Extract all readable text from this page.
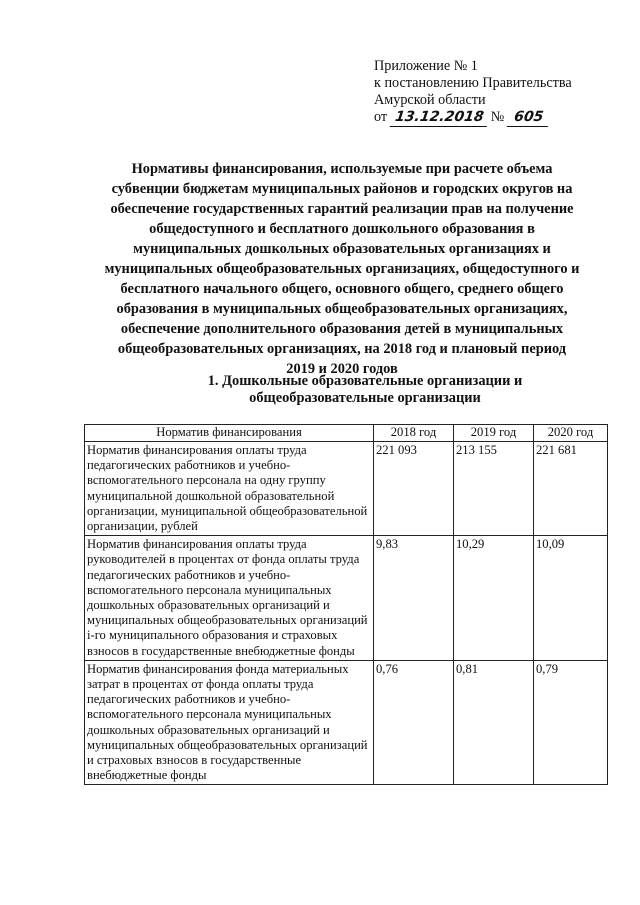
Приложение № 1
к постановлению Правительства
Амурской области
от 13.12.2018 № 605
Нормативы финансирования, используемые при расчете объема
субвенции бюджетам муниципальных районов и городских округов на
обеспечение государственных гарантий реализации прав на получение
общедоступного и бесплатного дошкольного образования в
муниципальных дошкольных образовательных организациях и
муниципальных общеобразовательных организациях, общедоступного и
бесплатного начального общего, основного общего, среднего общего
образования в муниципальных общеобразовательных организациях,
обеспечение дополнительного образования детей в муниципальных
общеобразовательных организациях, на 2018 год и плановый период
2019 и 2020 годов
1. Дошкольные образовательные организации и
общеобразовательные организации
Норматив финансирования	2018 год	2019 год	2020 год
Норматив финансирования оплаты труда педагогических работников и учебно-вспомогательного персонала на одну группу муниципальной дошкольной образовательной организации, муниципальной общеобразовательной организации, рублей	221 093	213 155	221 681
Норматив финансирования оплаты труда руководителей в процентах от фонда оплаты труда педагогических работников и учебно-вспомогательного персонала муниципальных дошкольных образовательных организаций и муниципальных общеобразовательных организаций i-го муниципального образования и страховых взносов в государственные внебюджетные фонды	9,83	10,29	10,09
Норматив финансирования фонда материальных затрат в процентах от фонда оплаты труда педагогических работников и учебно-вспомогательного персонала муниципальных дошкольных образовательных организаций и муниципальных общеобразовательных организаций и страховых взносов в государственные внебюджетные фонды	0,76	0,81	0,79
